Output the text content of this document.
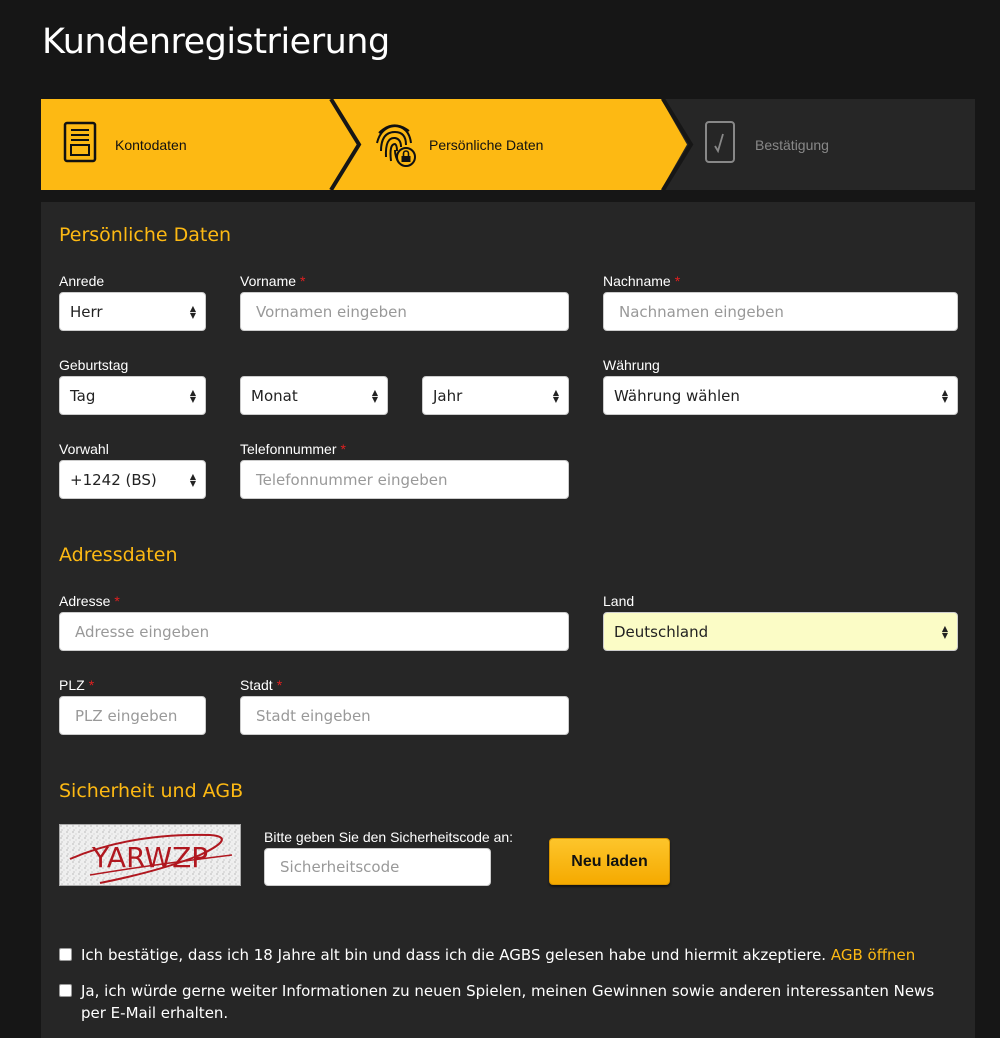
Kundenregistrierung
Kontodaten	Persönliche Daten	Bestätigung
Persönliche Daten
Anrede
Herr	▲
▼
Vorname *
Vornamen eingeben
Nachname *
Nachnamen eingeben
Geburtstag
Tag	▲
▼	Monat	▲
▼	Jahr	▲
▼
Währung
Währung wählen	▲
▼
Vorwahl
+1242 (BS)	▲
▼
Telefonnummer *
Telefonnummer eingeben
Adressdaten
Adresse *
Adresse eingeben
Land
Deutschland	▲
▼
PLZ *
PLZ eingeben
Stadt *
Stadt eingeben
Sicherheit und AGB
YARWZP
Bitte geben Sie den Sicherheitscode an:
Sicherheitscode	Neu laden
Ich bestätige, dass ich 18 Jahre alt bin und dass ich die AGBS gelesen habe und hiermit akzeptiere. AGB öffnen
Ja, ich würde gerne weiter Informationen zu neuen Spielen, meinen Gewinnen sowie anderen interessanten News per E-Mail erhalten.
